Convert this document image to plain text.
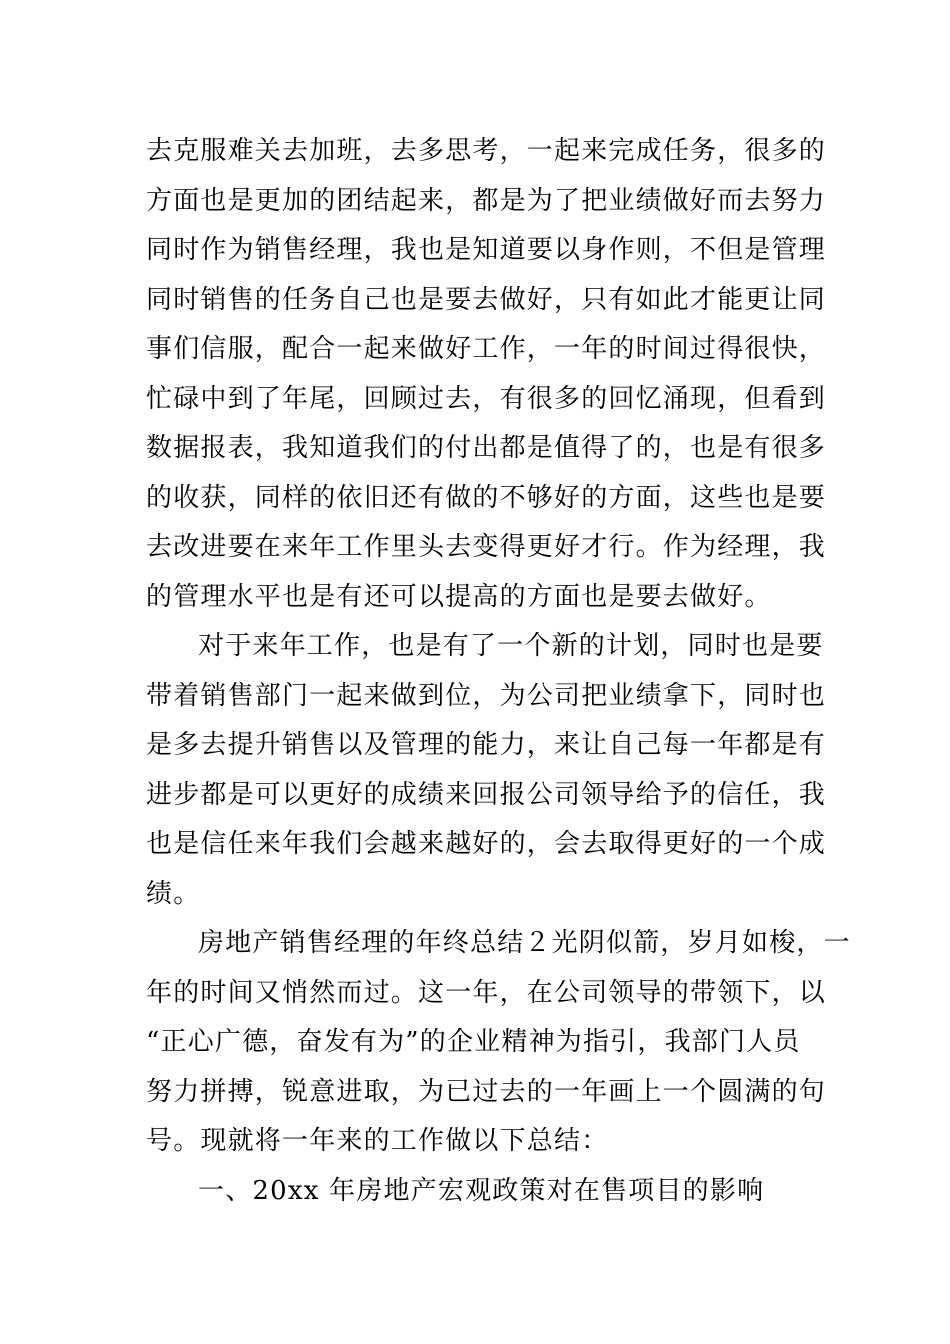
去克服难关去加班，去多思考，一起来完成任务，很多的
方面也是更加的团结起来，都是为了把业绩做好而去努力
同时作为销售经理，我也是知道要以身作则，不但是管理
同时销售的任务自己也是要去做好，只有如此才能更让同
事们信服，配合一起来做好工作，一年的时间过得很快，
忙碌中到了年尾，回顾过去，有很多的回忆涌现，但看到
数据报表，我知道我们的付出都是值得了的，也是有很多
的收获，同样的依旧还有做的不够好的方面，这些也是要
去改进要在来年工作里头去变得更好才行。作为经理，我
的管理水平也是有还可以提高的方面也是要去做好。
对于来年工作，也是有了一个新的计划，同时也是要
带着销售部门一起来做到位，为公司把业绩拿下，同时也
是多去提升销售以及管理的能力，来让自己每一年都是有
进步都是可以更好的成绩来回报公司领导给予的信任，我
也是信任来年我们会越来越好的，会去取得更好的一个成
绩。
房地产销售经理的年终总结２光阴似箭，岁月如梭，一
年的时间又悄然而过。这一年，在公司领导的带领下，以
“正心广德，奋发有为”的企业精神为指引，我部门人员
努力拼搏，锐意进取，为已过去的一年画上一个圆满的句
号。现就将一年来的工作做以下总结：
一、20xx 年房地产宏观政策对在售项目的影响
